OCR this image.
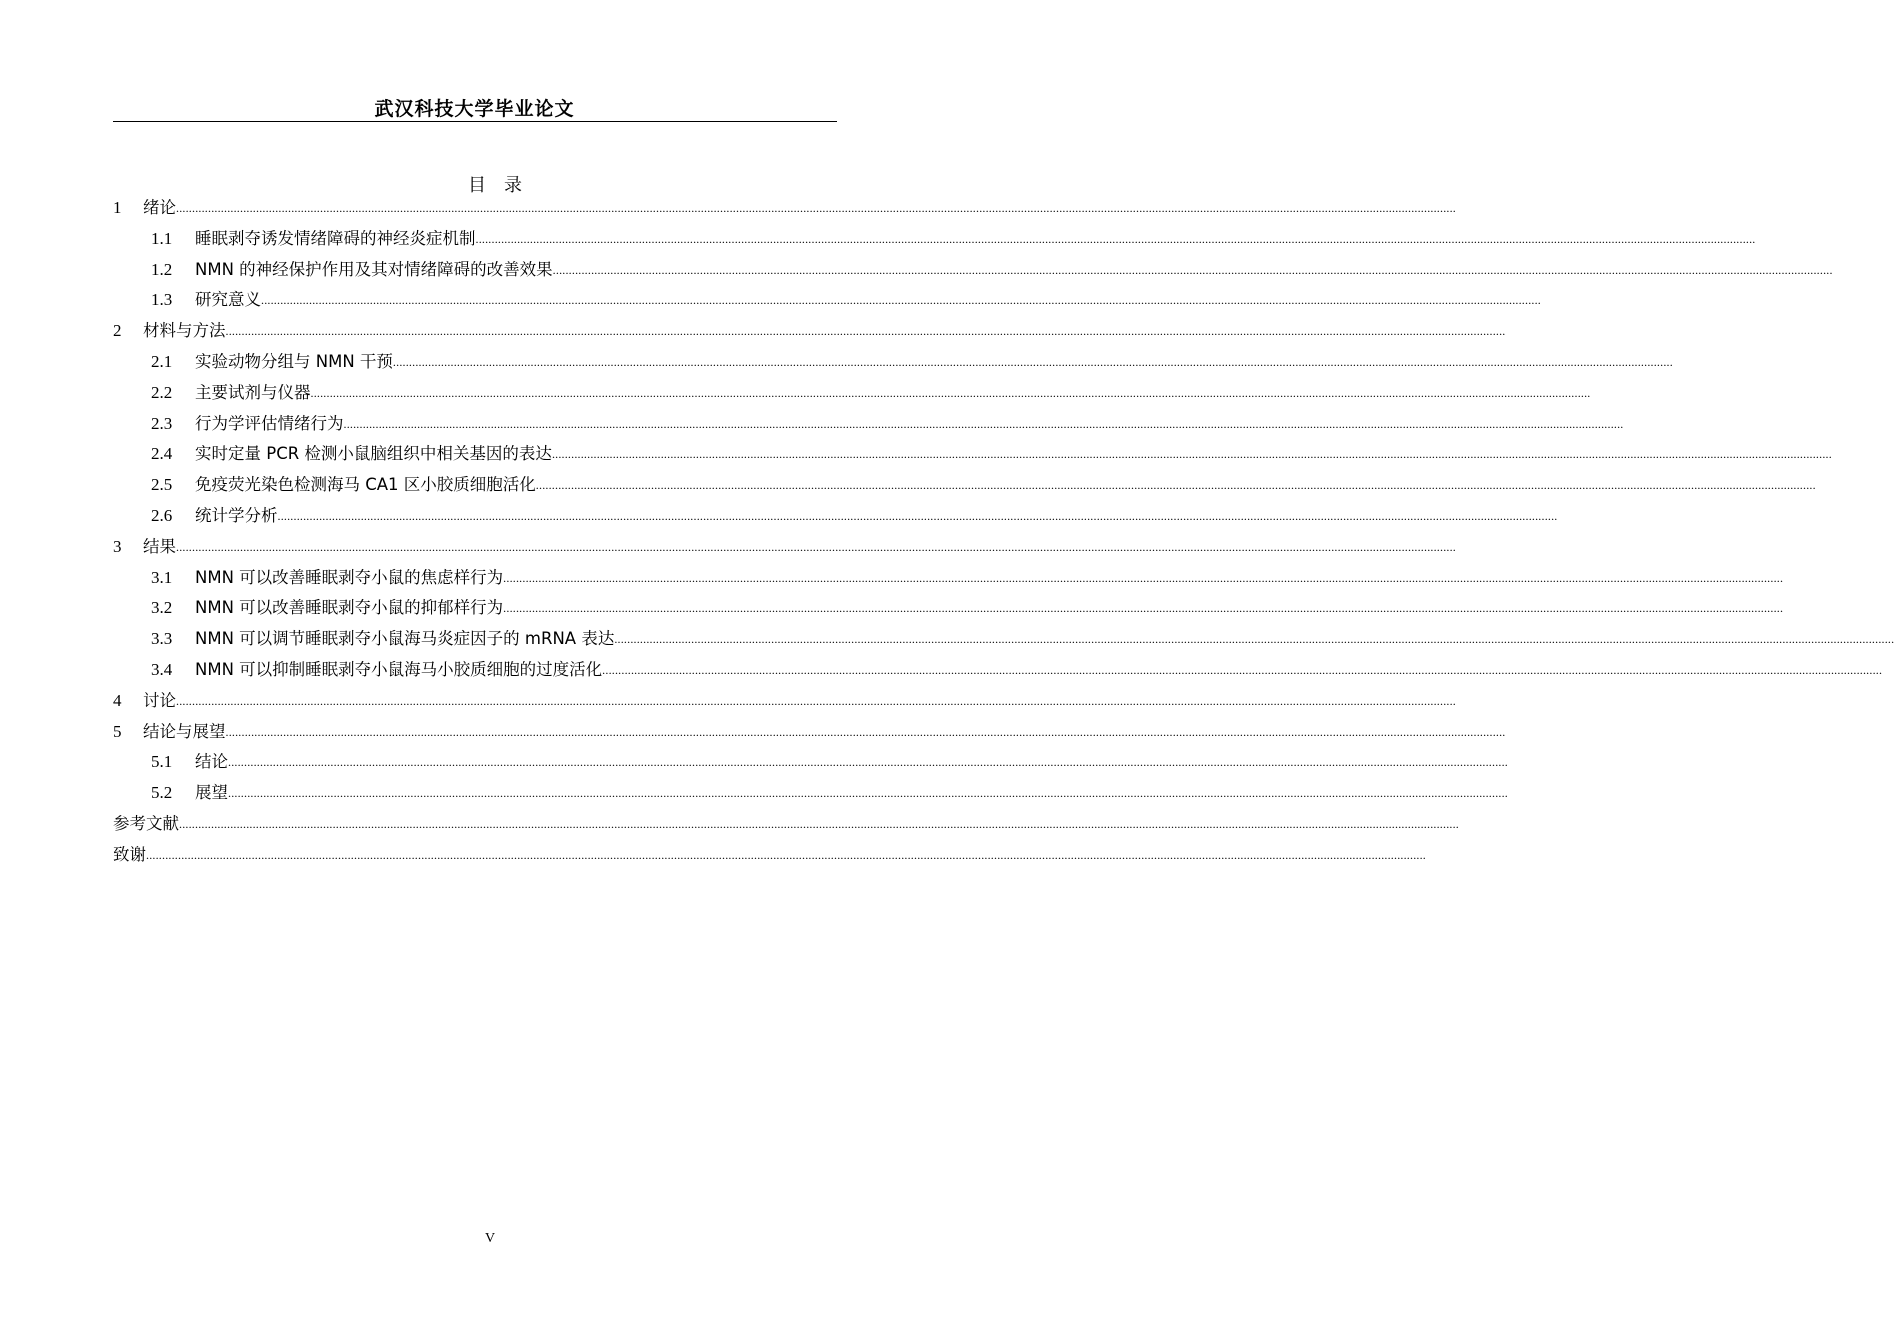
武汉科技大学毕业论文
目　录
1	绪论 ................................................................................................................................................................................................................................................................................................................................................................................................................
1.1	睡眠剥夺诱发情绪障碍的神经炎症机制 ................................................................................................................................................................................................................................................................................................................................................................................................................
1.2	NMN 的神经保护作用及其对情绪障碍的改善效果 ................................................................................................................................................................................................................................................................................................................................................................................................................
1.3	研究意义 ................................................................................................................................................................................................................................................................................................................................................................................................................
2	材料与方法 ................................................................................................................................................................................................................................................................................................................................................................................................................
2.1	实验动物分组与 NMN 干预 ................................................................................................................................................................................................................................................................................................................................................................................................................
2.2	主要试剂与仪器 ................................................................................................................................................................................................................................................................................................................................................................................................................
2.3	行为学评估情绪行为 ................................................................................................................................................................................................................................................................................................................................................................................................................
2.4	实时定量 PCR 检测小鼠脑组织中相关基因的表达 ................................................................................................................................................................................................................................................................................................................................................................................................................
2.5	免疫荧光染色检测海马 CA1 区小胶质细胞活化 ................................................................................................................................................................................................................................................................................................................................................................................................................
2.6	统计学分析 ................................................................................................................................................................................................................................................................................................................................................................................................................
3	结果 ................................................................................................................................................................................................................................................................................................................................................................................................................
3.1	NMN 可以改善睡眠剥夺小鼠的焦虑样行为 ................................................................................................................................................................................................................................................................................................................................................................................................................
3.2	NMN 可以改善睡眠剥夺小鼠的抑郁样行为 ................................................................................................................................................................................................................................................................................................................................................................................................................
3.3	NMN 可以调节睡眠剥夺小鼠海马炎症因子的 mRNA 表达 ................................................................................................................................................................................................................................................................................................................................................................................................................
3.4	NMN 可以抑制睡眠剥夺小鼠海马小胶质细胞的过度活化 ................................................................................................................................................................................................................................................................................................................................................................................................................
4	讨论 ................................................................................................................................................................................................................................................................................................................................................................................................................
5	结论与展望 ................................................................................................................................................................................................................................................................................................................................................................................................................
5.1	结论 ................................................................................................................................................................................................................................................................................................................................................................................................................
5.2	展望 ................................................................................................................................................................................................................................................................................................................................................................................................................
参考文献 ................................................................................................................................................................................................................................................................................................................................................................................................................
致谢 ................................................................................................................................................................................................................................................................................................................................................................................................................
V
